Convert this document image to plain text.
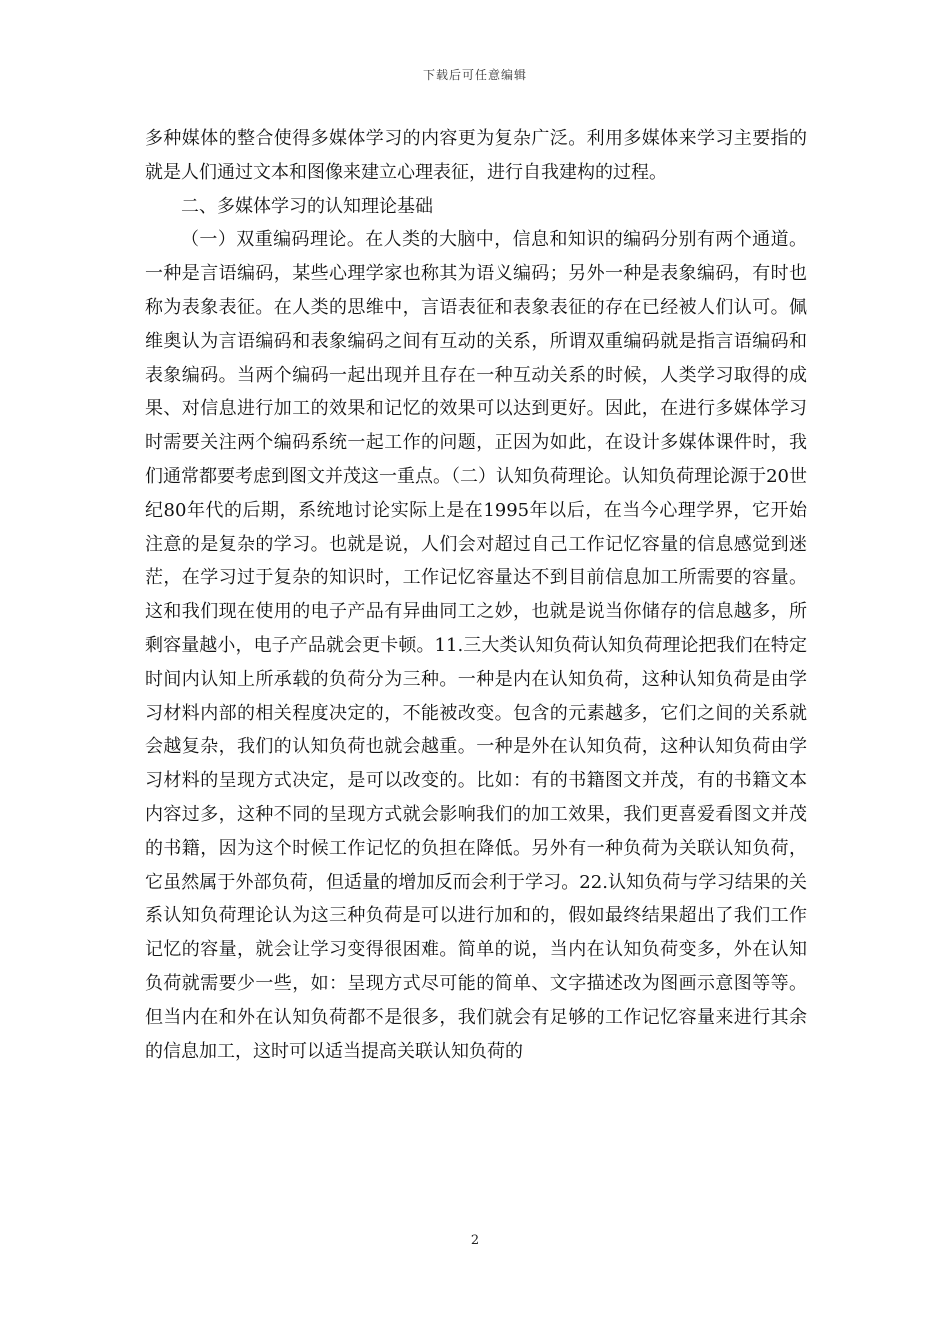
下载后可任意编辑

多种媒体的整合使得多媒体学习的内容更为复杂广泛。利用多媒体来学习主要指的就是人们通过文本和图像来建立心理表征，进行自我建构的过程。

二、多媒体学习的认知理论基础

（一）双重编码理论。在人类的大脑中，信息和知识的编码分别有两个通道。一种是言语编码，某些心理学家也称其为语义编码；另外一种是表象编码，有时也称为表象表征。在人类的思维中，言语表征和表象表征的存在已经被人们认可。佩维奥认为言语编码和表象编码之间有互动的关系，所谓双重编码就是指言语编码和表象编码。当两个编码一起出现并且存在一种互动关系的时候，人类学习取得的成果、对信息进行加工的效果和记忆的效果可以达到更好。因此，在进行多媒体学习时需要关注两个编码系统一起工作的问题，正因为如此，在设计多媒体课件时，我们通常都要考虑到图文并茂这一重点。（二）认知负荷理论。认知负荷理论源于20世纪80年代的后期，系统地讨论实际上是在1995年以后，在当今心理学界，它开始注意的是复杂的学习。也就是说，人们会对超过自己工作记忆容量的信息感觉到迷茫，在学习过于复杂的知识时，工作记忆容量达不到目前信息加工所需要的容量。这和我们现在使用的电子产品有异曲同工之妙，也就是说当你储存的信息越多，所剩容量越小，电子产品就会更卡顿。11.三大类认知负荷认知负荷理论把我们在特定时间内认知上所承载的负荷分为三种。一种是内在认知负荷，这种认知负荷是由学习材料内部的相关程度决定的，不能被改变。包含的元素越多，它们之间的关系就会越复杂，我们的认知负荷也就会越重。一种是外在认知负荷，这种认知负荷由学习材料的呈现方式决定，是可以改变的。比如：有的书籍图文并茂，有的书籍文本内容过多，这种不同的呈现方式就会影响我们的加工效果，我们更喜爱看图文并茂的书籍，因为这个时候工作记忆的负担在降低。另外有一种负荷为关联认知负荷，它虽然属于外部负荷，但适量的增加反而会利于学习。22.认知负荷与学习结果的关系认知负荷理论认为这三种负荷是可以进行加和的，假如最终结果超出了我们工作记忆的容量，就会让学习变得很困难。简单的说，当内在认知负荷变多，外在认知负荷就需要少一些，如：呈现方式尽可能的简单、文字描述改为图画示意图等等。但当内在和外在认知负荷都不是很多，我们就会有足够的工作记忆容量来进行其余的信息加工，这时可以适当提高关联认知负荷的

2
